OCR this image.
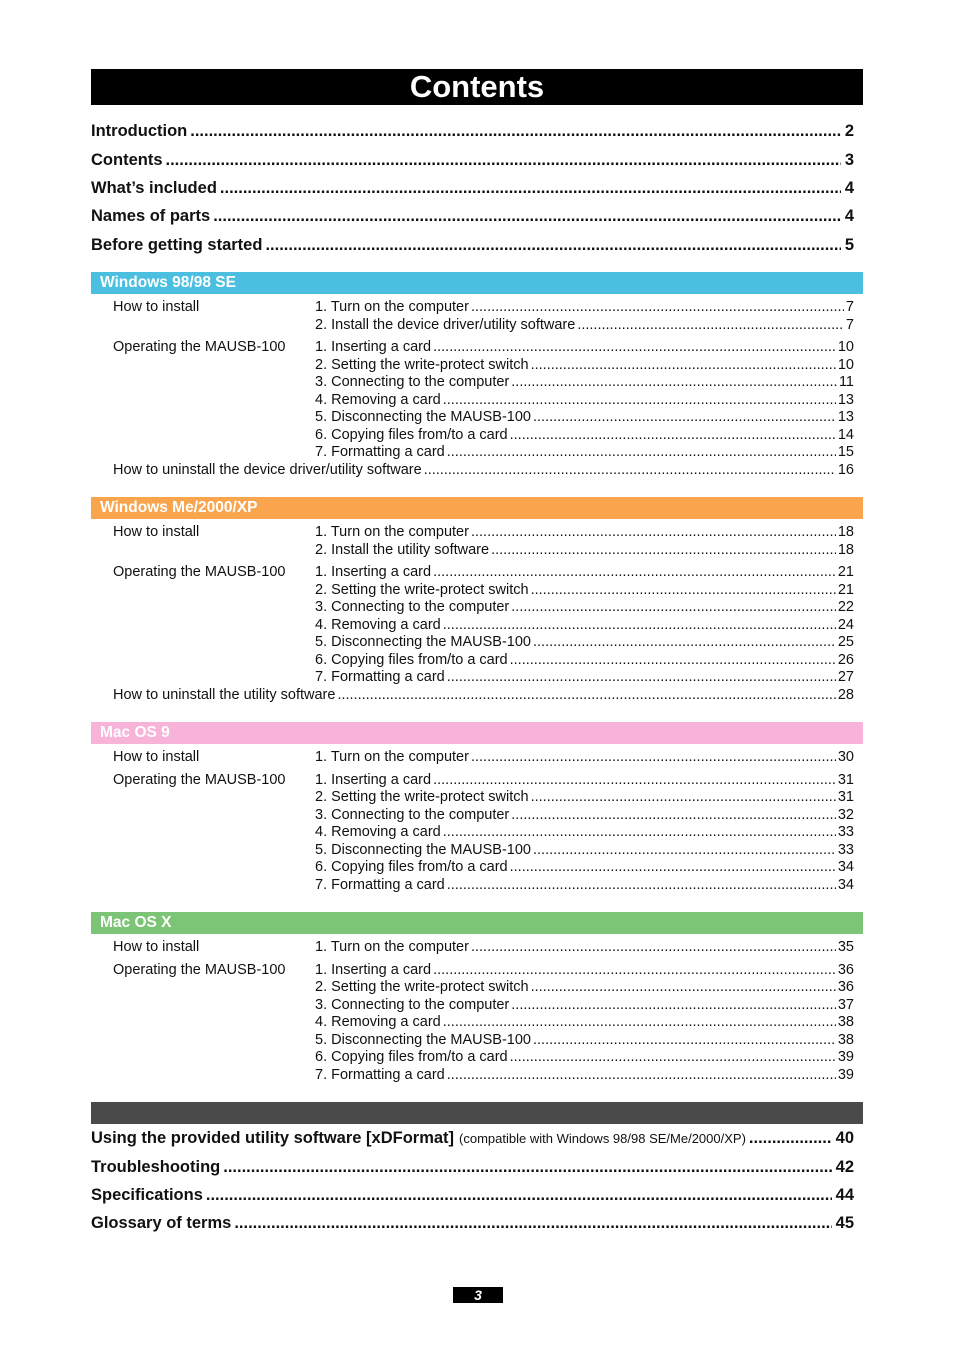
Contents
Introduction .....	2
Contents .....	3
What’s included .....	4
Names of parts .....	4
Before getting started .....	5
Windows 98/98 SE
How to install	1. Turn on the computer .....	7
2. Install the device driver/utility software .....	7
Operating the MAUSB-100 1. Inserting a card .....	10
2. Setting the write-protect switch .....	10
3. Connecting to the computer .....	11
4. Removing a card .....	13
5. Disconnecting the MAUSB-100 .....	13
6. Copying files from/to a card .....	14
7. Formatting a card .....	15
How to uninstall the device driver/utility software .....	16
Windows Me/2000/XP
How to install	1. Turn on the computer .....	18
2. Install the utility software .....	18
Operating the MAUSB-100 1. Inserting a card .....	21
2. Setting the write-protect switch .....	21
3. Connecting to the computer .....	22
4. Removing a card .....	24
5. Disconnecting the MAUSB-100 .....	25
6. Copying files from/to a card .....	26
7. Formatting a card .....	27
How to uninstall the utility software .....	28
Mac OS 9
How to install	1. Turn on the computer .....	30
Operating the MAUSB-100 1. Inserting a card .....	31
2. Setting the write-protect switch .....	31
3. Connecting to the computer .....	32
4. Removing a card .....	33
5. Disconnecting the MAUSB-100 .....	33
6. Copying files from/to a card .....	34
7. Formatting a card .....	34
Mac OS X
How to install	1. Turn on the computer .....	35
Operating the MAUSB-100 1. Inserting a card .....	36
2. Setting the write-protect switch .....	36
3. Connecting to the computer .....	37
4. Removing a card .....	38
5. Disconnecting the MAUSB-100 .....	38
6. Copying files from/to a card .....	39
7. Formatting a card .....	39
Using the provided utility software [xDFormat] (compatible with Windows 98/98 SE/Me/2000/XP) .....	40
Troubleshooting .....	42
Specifications .....	44
Glossary of terms .....	45
3
